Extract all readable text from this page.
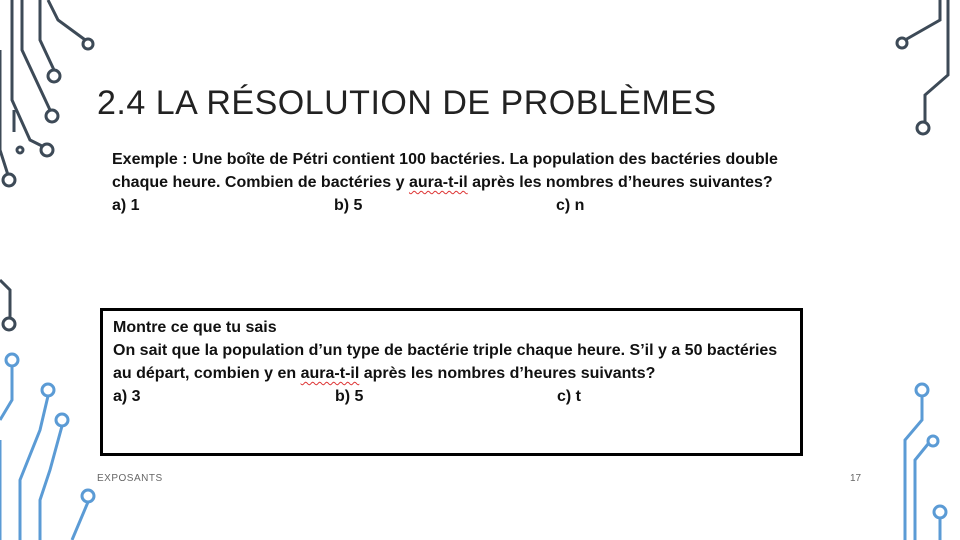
2.4 LA RÉSOLUTION DE PROBLÈMES

Exemple : Une boîte de Pétri contient 100 bactéries. La population des bactéries double

chaque heure. Combien de bactéries y aura-t-il après les nombres d’heures suivantes?

a) 1	b) 5	c) n

Montre ce que tu sais

On sait que la population d’un type de bactérie triple chaque heure. S’il y a 50 bactéries

au départ, combien y en aura-t-il après les nombres d’heures suivants?

a) 3	b) 5	c) t
EXPOSANTS	17
